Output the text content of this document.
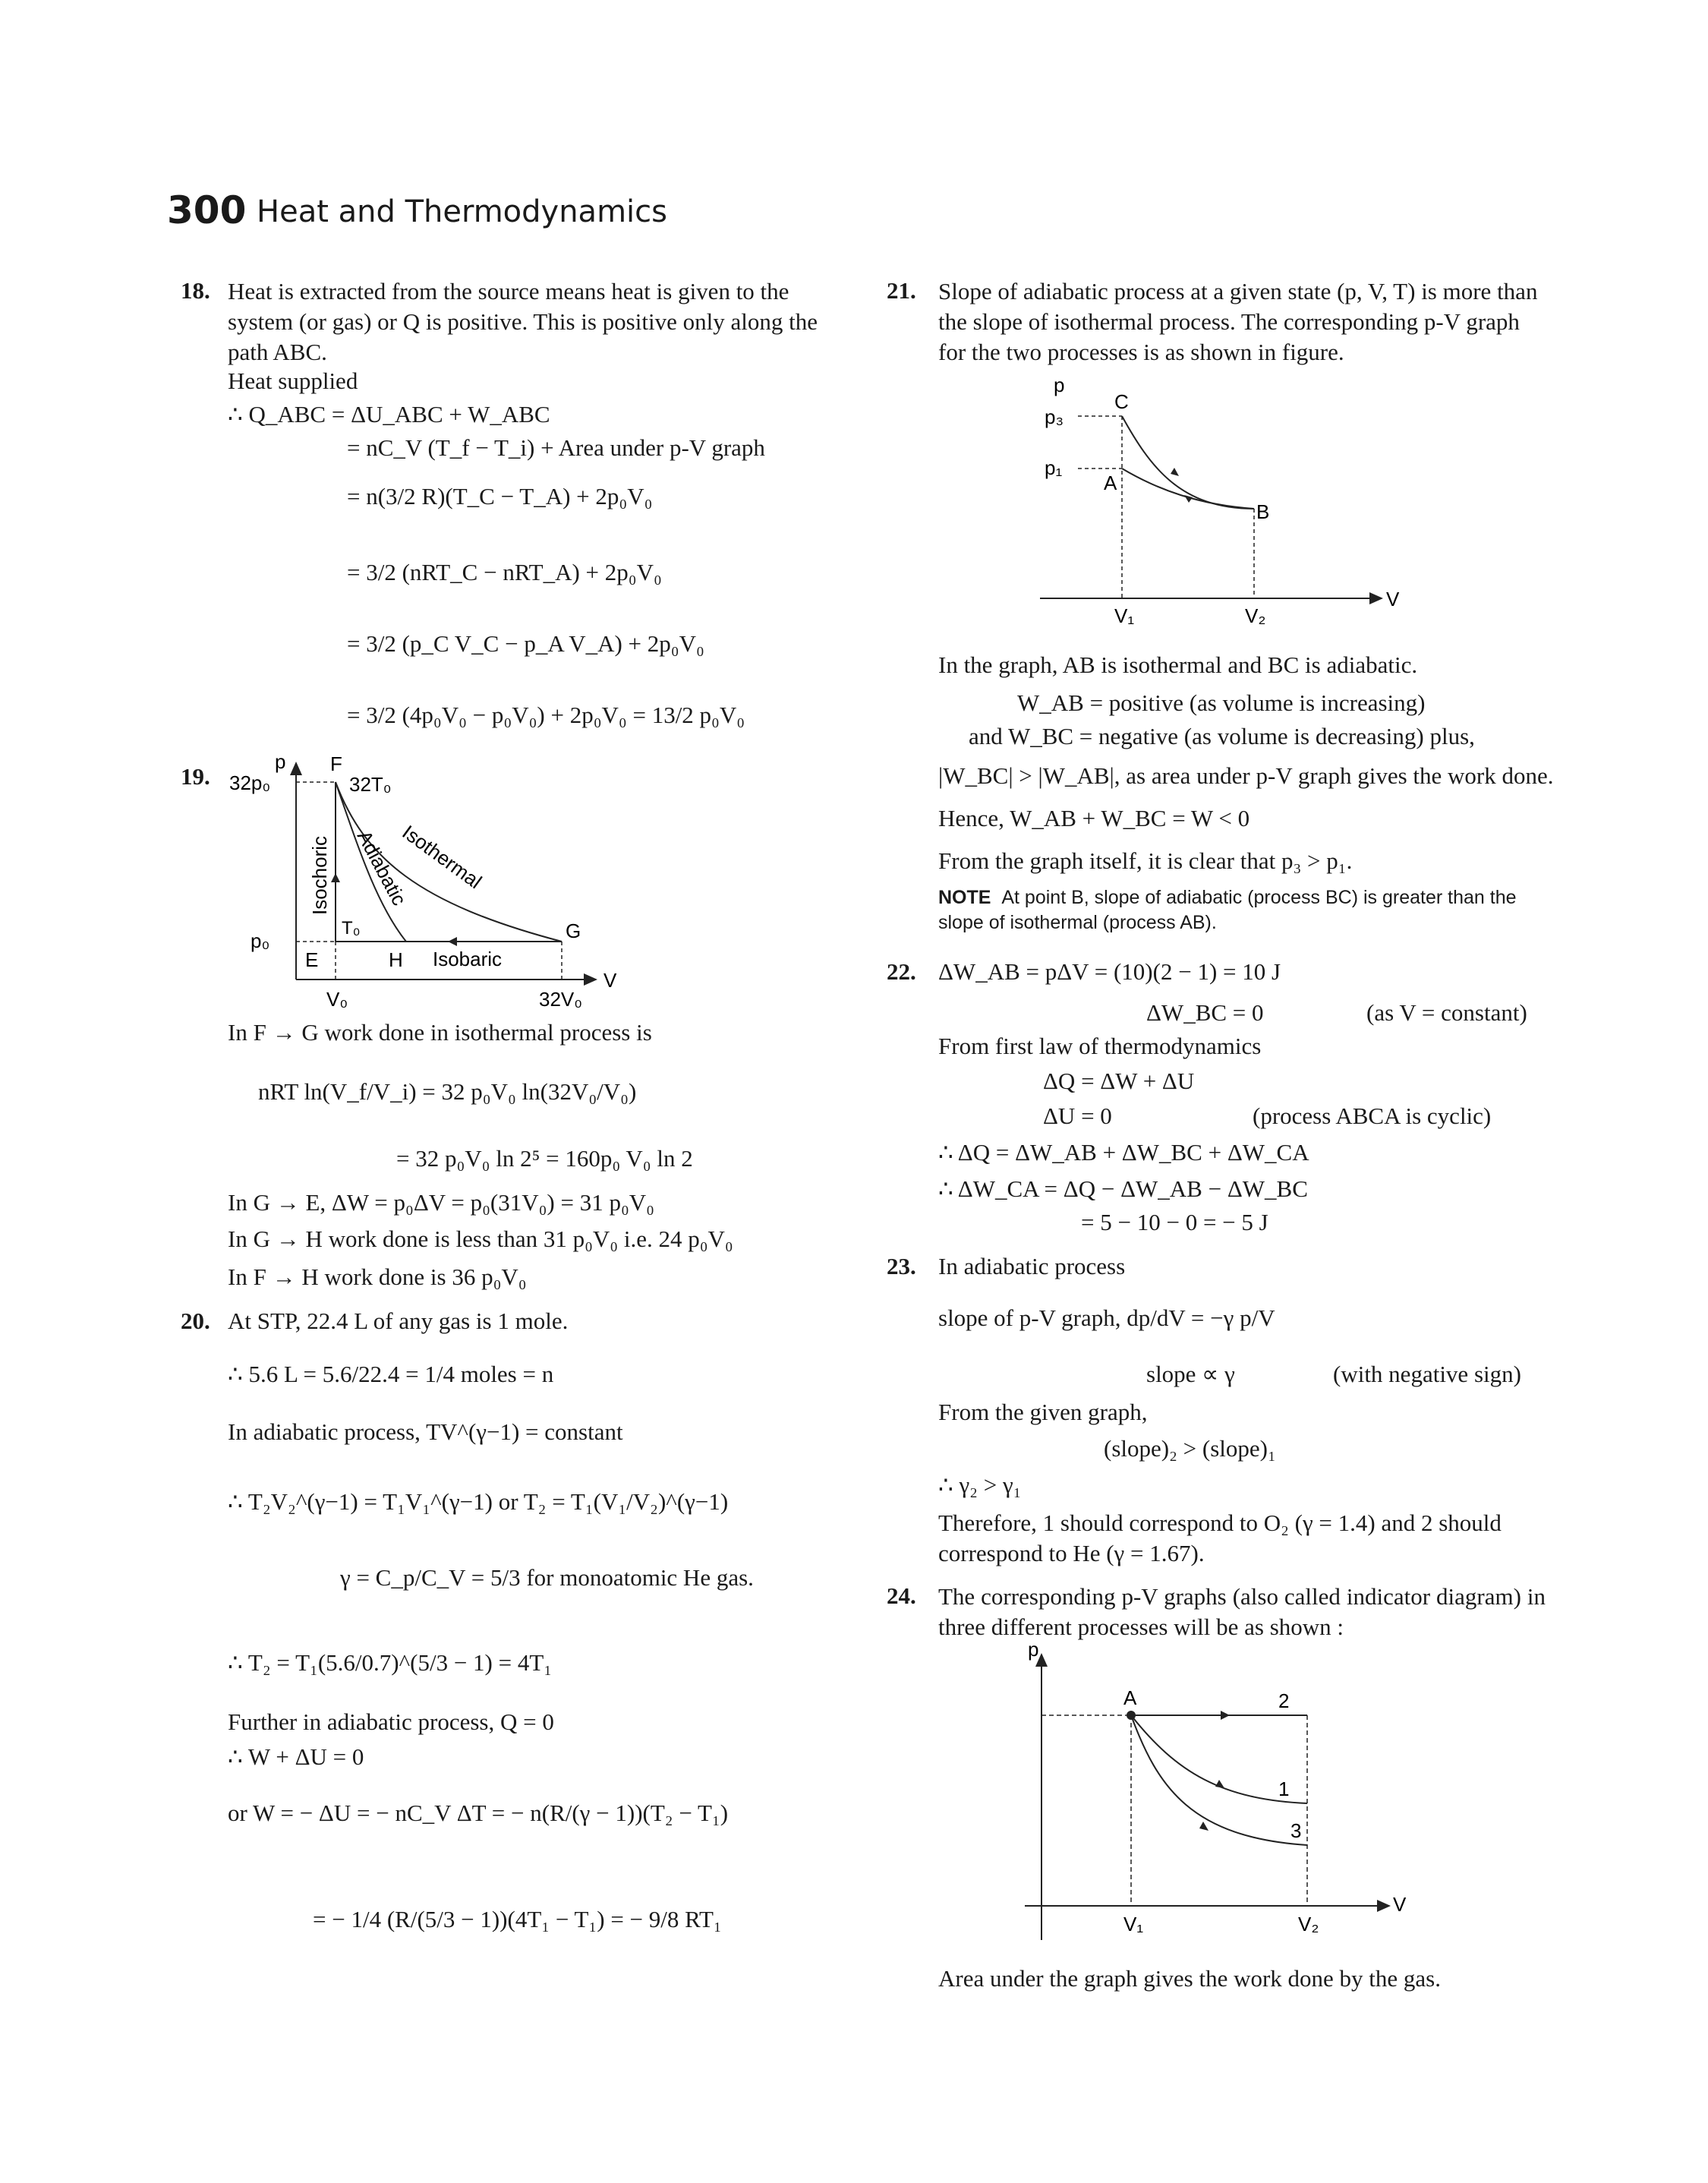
300 Heat and Thermodynamics
18. Heat is extracted from the source means heat is given to the system (or gas) or Q is positive. This is positive only along the path ABC.
Heat supplied
∴ Q_ABC = ΔU_ABC + W_ABC
= nC_V (T_f − T_i) + Area under p-V graph
= n(3/2 R)(T_C − T_A) + 2p₀V₀
= 3/2 (nRT_C − nRT_A) + 2p₀V₀
= 3/2 (p_C V_C − p_A V_A) + 2p₀V₀
= 3/2 (4p₀V₀ − p₀V₀) + 2p₀V₀ = 13/2 p₀V₀
19.
p
V
32p₀
p₀
V₀	32V₀
F
E
G
H
32T₀
T₀
Isochoric Adiabatic
Isothermal
Isobaric
In F → G work done in isothermal process is
nRT ln(V_f/V_i) = 32 p₀V₀ ln(32V₀/V₀)
= 32 p₀V₀ ln 2⁵ = 160p₀ V₀ ln 2
In G → E, ΔW = p₀ΔV = p₀(31V₀) = 31 p₀V₀
In G → H work done is less than 31 p₀V₀ i.e. 24 p₀V₀
In F → H work done is 36 p₀V₀
20. At STP, 22.4 L of any gas is 1 mole.
∴ 5.6 L = 5.6/22.4 = 1/4 moles = n
In adiabatic process, TV^(γ−1) = constant
∴ T₂V₂^(γ−1) = T₁V₁^(γ−1) or T₂ = T₁(V₁/V₂)^(γ−1)
γ = C_p/C_V = 5/3 for monoatomic He gas.
∴ T₂ = T₁(5.6/0.7)^(5/3 − 1) = 4T₁
Further in adiabatic process, Q = 0
∴ W + ΔU = 0
or W = − ΔU = − nC_V ΔT = − n(R/(γ − 1))(T₂ − T₁)
= − 1/4 (R/(5/3 − 1))(4T₁ − T₁) = − 9/8 RT₁
21. Slope of adiabatic process at a given state (p, V, T) is more than the slope of isothermal process. The corresponding p-V graph for the two processes is as shown in figure.
p
p₃
p₁
C
A
B
V
V₁	V₂
In the graph, AB is isothermal and BC is adiabatic.
W_AB = positive (as volume is increasing)
and W_BC = negative (as volume is decreasing) plus,
|W_BC| > |W_AB|, as area under p-V graph gives the work done.
Hence, W_AB + W_BC = W < 0
From the graph itself, it is clear that p₃ > p₁.
NOTE At point B, slope of adiabatic (process BC) is greater than the slope of isothermal (process AB).
22. ΔW_AB = pΔV = (10)(2 − 1) = 10 J
ΔW_BC = 0	(as V = constant)
From first law of thermodynamics
ΔQ = ΔW + ΔU
ΔU = 0	(process ABCA is cyclic)
∴ ΔQ = ΔW_AB + ΔW_BC + ΔW_CA
∴ ΔW_CA = ΔQ − ΔW_AB − ΔW_BC
= 5 − 10 − 0 = − 5 J
23. In adiabatic process
slope of p-V graph, dp/dV = −γ p/V
slope ∝ γ	(with negative sign)
From the given graph,
(slope)₂ > (slope)₁
∴ γ₂ > γ₁
Therefore, 1 should correspond to O₂ (γ = 1.4) and 2 should correspond to He (γ = 1.67).
24. The corresponding p-V graphs (also called indicator diagram) in three different processes will be as shown :
p
A	2
1
3
V
V₁	V₂
Area under the graph gives the work done by the gas.
